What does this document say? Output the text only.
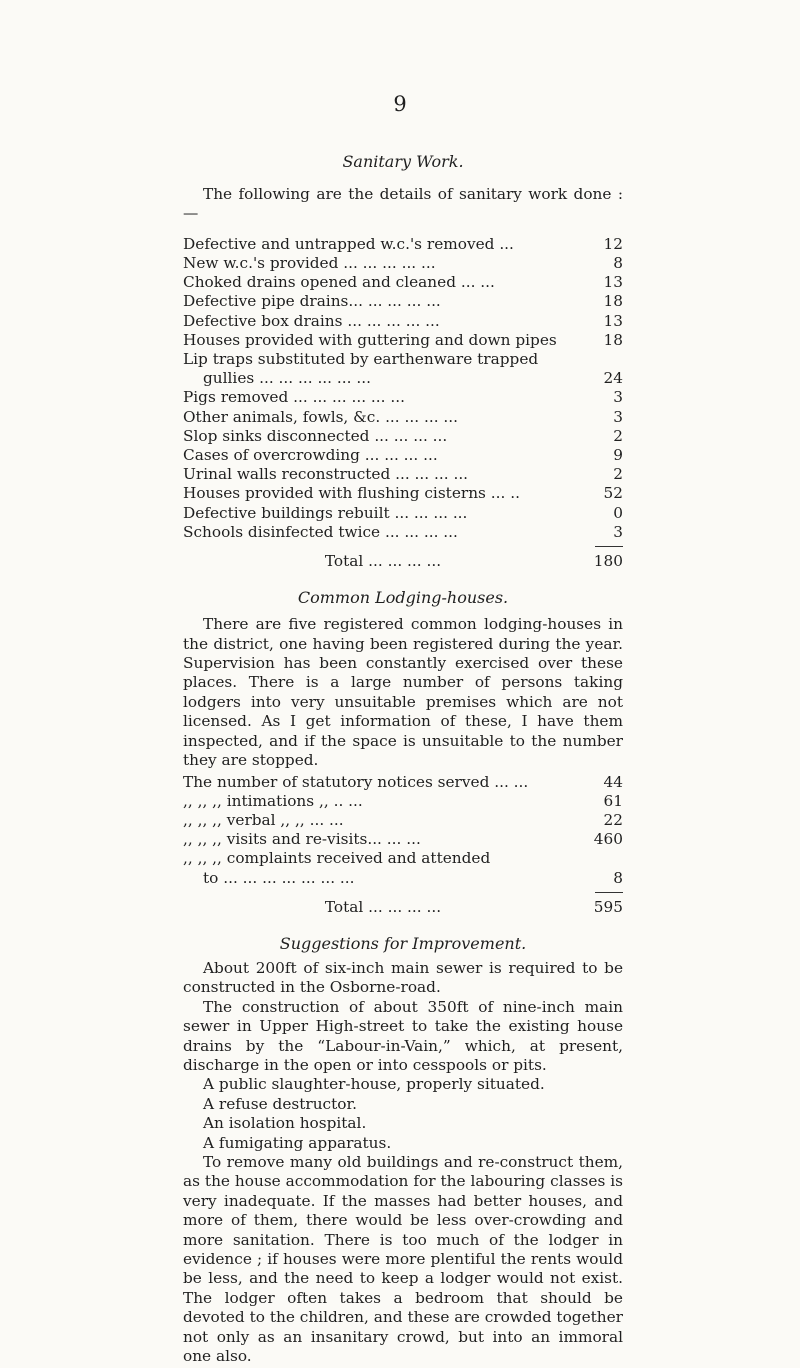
9
Sanitary Work.

The following are the details of sanitary work done :—

Defective and untrapped w.c.'s removed ...	12
New w.c.'s provided ... ... ... ... ...	8
Choked drains opened and cleaned ... ...	13
Defective pipe drains... ... ... ... ...	18
Defective box drains ... ... ... ... ...	13
Houses provided with guttering and down pipes	18
Lip traps substituted by earthenware trapped
gullies ... ... ... ... ... ...	24
Pigs removed ... ... ... ... ... ...	3
Other animals, fowls, &c. ... ... ... ...	3
Slop sinks disconnected ... ... ... ...	2
Cases of overcrowding ... ... ... ...	9
Urinal walls reconstructed ... ... ... ...	2
Houses provided with flushing cisterns ... ..	52
Defective buildings rebuilt ... ... ... ...	0
Schools disinfected twice ... ... ... ...	3
Total ... ... ... ...	180
Common Lodging-houses.

There are five registered common lodging-houses in the district, one having been registered during the year. Supervision has been constantly exercised over these places. There is a large number of persons taking lodgers into very unsuitable premises which are not licensed. As I get information of these, I have them inspected, and if the space is unsuitable to the number they are stopped.

The number of statutory notices served ... ...	44
,, ,, ,, intimations ,, .. ...	61
,, ,, ,, verbal ,, ,, ... ...	22
,, ,, ,, visits and re-visits... ... ...	460
,, ,, ,, complaints received and attended
to ... ... ... ... ... ... ...	8
Total ... ... ... ...	595
Suggestions for Improvement.

About 200ft of six-inch main sewer is required to be constructed in the Osborne-road.

The construction of about 350ft of nine-inch main sewer in Upper High-street to take the existing house drains by the “Labour-in-Vain,” which, at present, discharge in the open or into cesspools or pits.

A public slaughter-house, properly situated.

A refuse destructor.

An isolation hospital.

A fumigating apparatus.

To remove many old buildings and re-construct them, as the house accommodation for the labouring classes is very inadequate. If the masses had better houses, and more of them, there would be less over-crowding and more sanitation. There is too much of the lodger in evidence ; if houses were more plentiful the rents would be less, and the need to keep a lodger would not exist. The lodger often takes a bedroom that should be devoted to the children, and these are crowded together not only as an insanitary crowd, but into an immoral one also.
